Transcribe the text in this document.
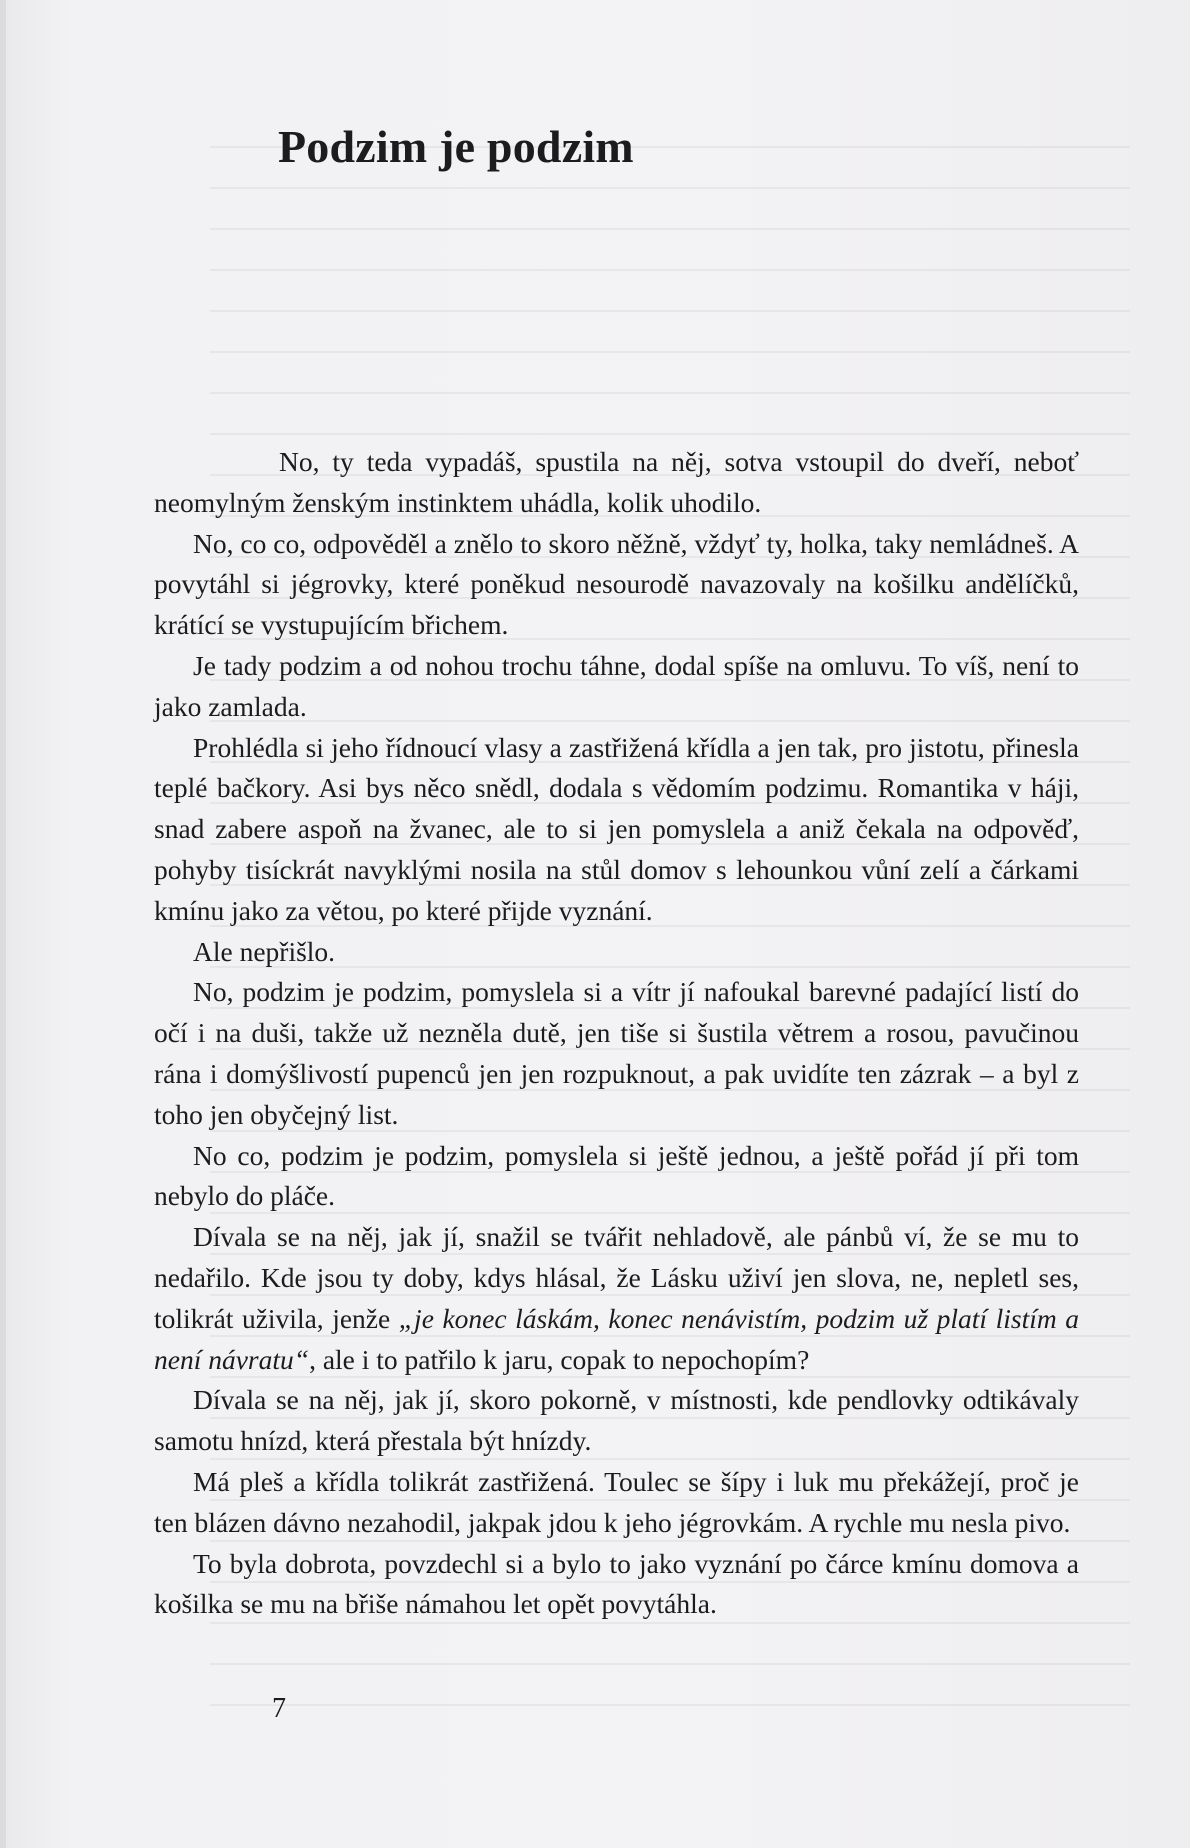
Podzim je podzim

No, ty teda vypadáš, spustila na něj, sotva vstoupil do dveří, neboť neomylným ženským instinktem uhádla, kolik uhodilo.

No, co co, odpověděl a znělo to skoro něžně, vždyť ty, holka, taky nemládneš. A povytáhl si jégrovky, které poněkud nesourodě navazovaly na košilku andělíčků, krátící se vystupujícím břichem.

Je tady podzim a od nohou trochu táhne, dodal spíše na omluvu. To víš, není to jako zamlada.

Prohlédla si jeho řídnoucí vlasy a zastřižená křídla a jen tak, pro jistotu, přinesla teplé bačkory. Asi bys něco snědl, dodala s vědomím podzimu. Romantika v háji, snad zabere aspoň na žvanec, ale to si jen pomyslela a aniž čekala na odpověď, pohyby tisíckrát navyklými nosila na stůl domov s lehounkou vůní zelí a čárkami kmínu jako za větou, po které přijde vyznání.

Ale nepřišlo.

No, podzim je podzim, pomyslela si a vítr jí nafoukal barevné padající listí do očí i na duši, takže už nezněla dutě, jen tiše si šustila větrem a rosou, pavučinou rána i domýšlivostí pupenců jen jen rozpuknout, a pak uvidíte ten zázrak – a byl z toho jen obyčejný list.

No co, podzim je podzim, pomyslela si ještě jednou, a ještě pořád jí při tom nebylo do pláče.

Dívala se na něj, jak jí, snažil se tvářit nehladově, ale pánbů ví, že se mu to nedařilo. Kde jsou ty doby, kdys hlásal, že Lásku uživí jen slova, ne, nepletl ses, tolikrát uživila, jenže „je konec láskám, konec nenávistím, podzim už platí listím a není návratu“, ale i to patřilo k jaru, copak to nepochopím?

Dívala se na něj, jak jí, skoro pokorně, v místnosti, kde pendlovky odtikávaly samotu hnízd, která přestala být hnízdy.

Má pleš a křídla tolikrát zastřižená. Toulec se šípy i luk mu překážejí, proč je ten blázen dávno nezahodil, jakpak jdou k jeho jégrovkám. A rychle mu nesla pivo.

To byla dobrota, povzdechl si a bylo to jako vyznání po čárce kmínu domova a košilka se mu na břiše námahou let opět povytáhla.

7
